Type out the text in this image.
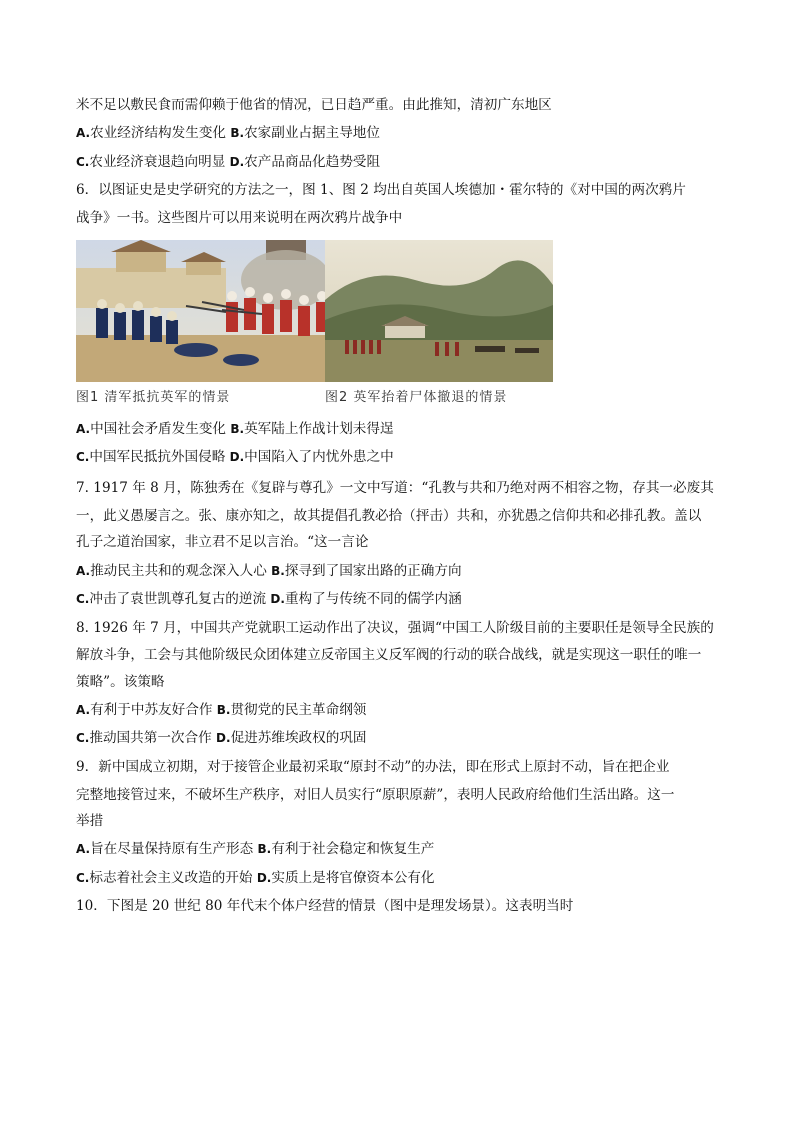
米不足以敷民食而需仰赖于他省的情况，已日趋严重。由此推知，清初广东地区
A.农业经济结构发生变化 B.农家副业占据主导地位
C.农业经济衰退趋向明显 D.农产品商品化趋势受阻
6．以图证史是史学研究的方法之一，图 1、图 2 均出自英国人埃德加・霍尔特的《对中国的两次鸦片
战争》一书。这些图片可以用来说明在两次鸦片战争中
图1 清军抵抗英军的情景	图2 英军抬着尸体撤退的情景
A.中国社会矛盾发生变化 B.英军陆上作战计划未得逞
C.中国军民抵抗外国侵略 D.中国陷入了内忧外患之中
7. 1917 年 8 月，陈独秀在《复辟与尊孔》一文中写道：“孔教与共和乃绝对两不相容之物，存其一必废其
一，此义愚屡言之。张、康亦知之，故其提倡孔教必拾（抨击）共和，亦犹愚之信仰共和必排孔教。盖以
孔子之道治国家，非立君不足以言治。“这一言论
A.推动民主共和的观念深入人心 B.探寻到了国家出路的正确方向
C.冲击了袁世凯尊孔复古的逆流 D.重构了与传统不同的儒学内涵
8. 1926 年 7 月，中国共产党就职工运动作出了决议，强调“中国工人阶级目前的主要职任是领导全民族的
解放斗争，工会与其他阶级民众团体建立反帝国主义反军阀的行动的联合战线，就是实现这一职任的唯一
策略”。该策略
A.有利于中苏友好合作 B.贯彻党的民主革命纲领
C.推动国共第一次合作 D.促进苏维埃政权的巩固
9．新中国成立初期，对于接管企业最初采取“原封不动”的办法，即在形式上原封不动，旨在把企业
完整地接管过来，不破坏生产秩序，对旧人员实行“原职原薪”，表明人民政府给他们生活出路。这一
举措
A.旨在尽量保持原有生产形态 B.有利于社会稳定和恢复生产
C.标志着社会主义改造的开始 D.实质上是将官僚资本公有化
10．下图是 20 世纪 80 年代末个体户经营的情景（图中是理发场景）。这表明当时
